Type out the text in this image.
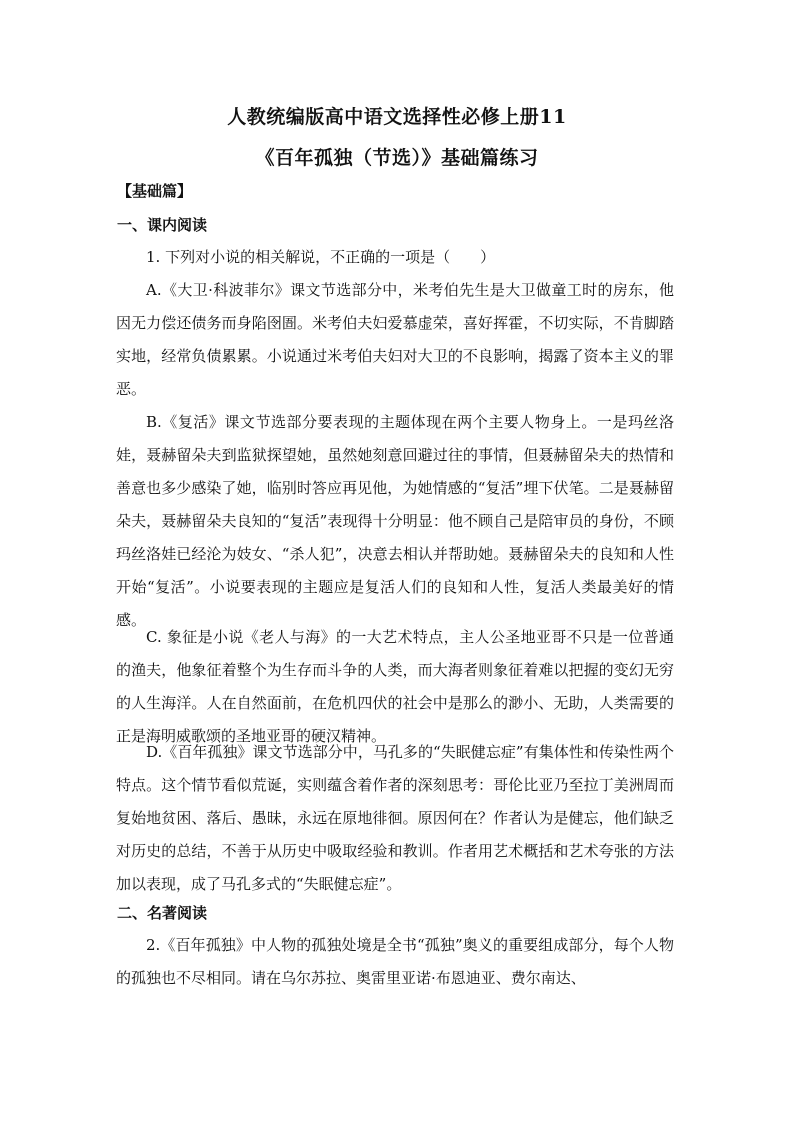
人教统编版高中语文选择性必修上册11
《百年孤独（节选）》基础篇练习
【基础篇】
一、课内阅读

1. 下列对小说的相关解说，不正确的一项是（　　）

A.《大卫·科波菲尔》课文节选部分中，米考伯先生是大卫做童工时的房东，他因无力偿还债务而身陷囹圄。米考伯夫妇爱慕虚荣，喜好挥霍，不切实际，不肯脚踏实地，经常负债累累。小说通过米考伯夫妇对大卫的不良影响，揭露了资本主义的罪恶。

B.《复活》课文节选部分要表现的主题体现在两个主要人物身上。一是玛丝洛娃，聂赫留朵夫到监狱探望她，虽然她刻意回避过往的事情，但聂赫留朵夫的热情和善意也多少感染了她，临别时答应再见他，为她情感的“复活”埋下伏笔。二是聂赫留朵夫，聂赫留朵夫良知的“复活”表现得十分明显：他不顾自己是陪审员的身份，不顾玛丝洛娃已经沦为妓女、“杀人犯”，决意去相认并帮助她。聂赫留朵夫的良知和人性开始“复活”。小说要表现的主题应是复活人们的良知和人性，复活人类最美好的情感。

C. 象征是小说《老人与海》的一大艺术特点，主人公圣地亚哥不只是一位普通的渔夫，他象征着整个为生存而斗争的人类，而大海者则象征着难以把握的变幻无穷的人生海洋。人在自然面前，在危机四伏的社会中是那么的渺小、无助，人类需要的正是海明威歌颂的圣地亚哥的硬汉精神。

D.《百年孤独》课文节选部分中，马孔多的“失眠健忘症”有集体性和传染性两个特点。这个情节看似荒诞，实则蕴含着作者的深刻思考：哥伦比亚乃至拉丁美洲周而复始地贫困、落后、愚昧，永远在原地徘徊。原因何在？作者认为是健忘，他们缺乏对历史的总结，不善于从历史中吸取经验和教训。作者用艺术概括和艺术夸张的方法加以表现，成了马孔多式的“失眠健忘症”。

二、名著阅读

2.《百年孤独》中人物的孤独处境是全书“孤独”奥义的重要组成部分，每个人物的孤独也不尽相同。请在乌尔苏拉、奥雷里亚诺·布恩迪亚、费尔南达、
